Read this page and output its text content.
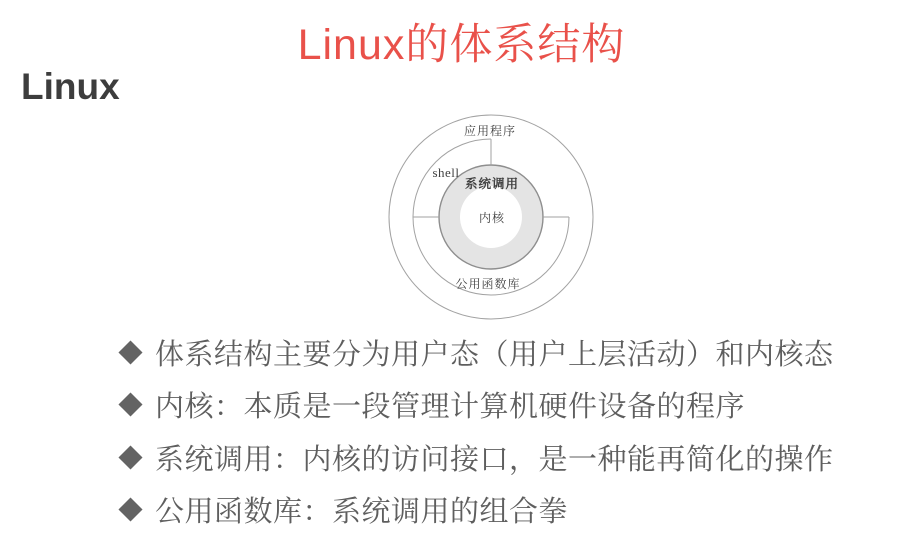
Linux的体系结构
Linux
应用程序
shell
系统调用
内核
公用函数库
体系结构主要分为用户态（用户上层活动）和内核态
内核：本质是一段管理计算机硬件设备的程序
系统调用：内核的访问接口，是一种能再简化的操作
公用函数库：系统调用的组合拳
